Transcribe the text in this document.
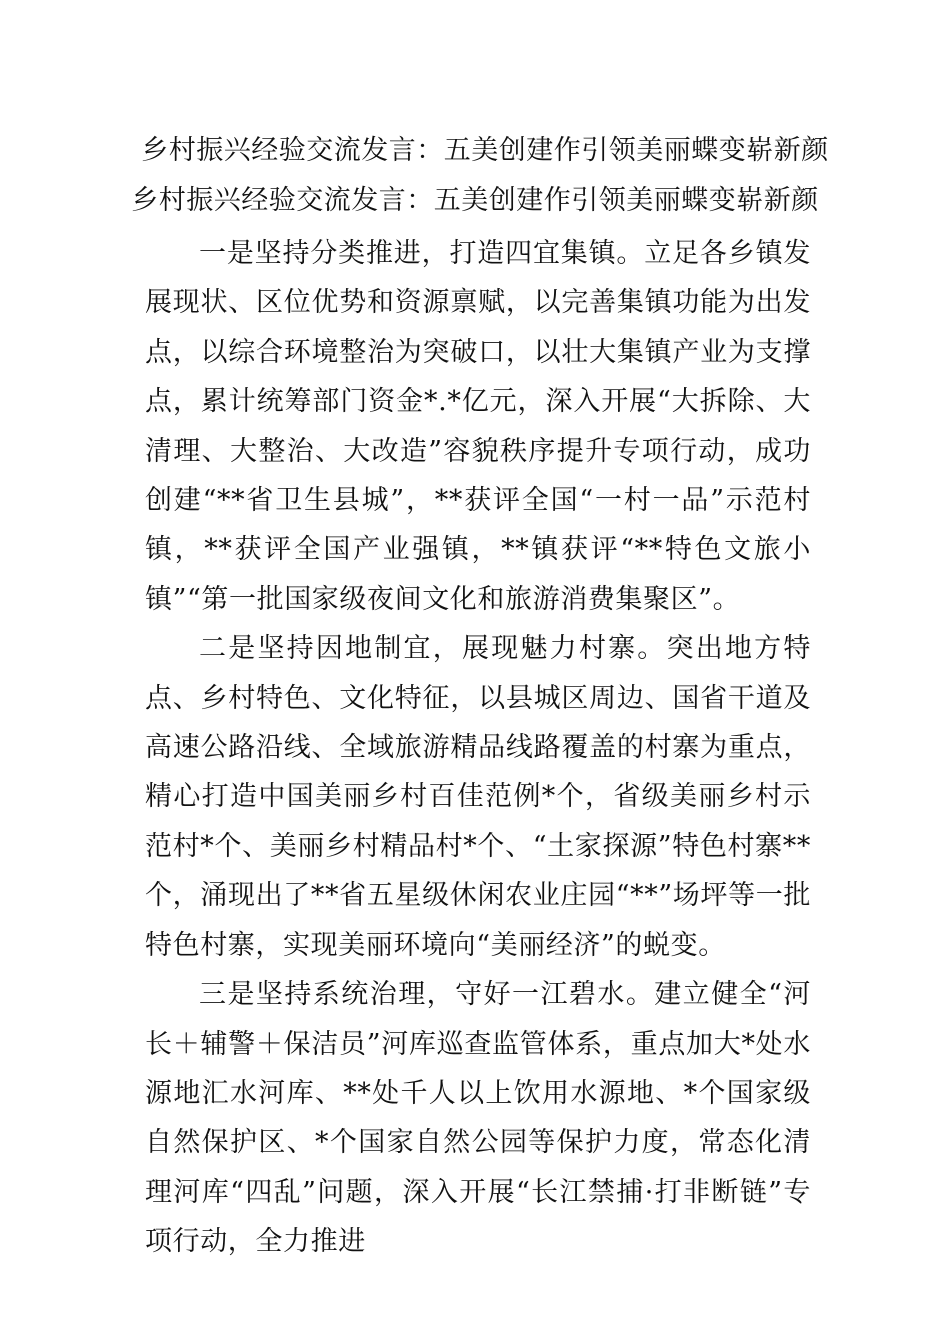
乡村振兴经验交流发言：五美创建作引领美丽蝶变崭新颜
乡村振兴经验交流发言：五美创建作引领美丽蝶变崭新颜

一是坚持分类推进，打造四宜集镇。立足各乡镇发展现状、区位优势和资源禀赋，以完善集镇功能为出发点，以综合环境整治为突破口，以壮大集镇产业为支撑点，累计统筹部门资金*.*亿元，深入开展“大拆除、大清理、大整治、大改造”容貌秩序提升专项行动，成功创建“**省卫生县城”，**获评全国“一村一品”示范村镇，**获评全国产业强镇，**镇获评“**特色文旅小镇”“第一批国家级夜间文化和旅游消费集聚区”。

二是坚持因地制宜，展现魅力村寨。突出地方特点、乡村特色、文化特征，以县城区周边、国省干道及高速公路沿线、全域旅游精品线路覆盖的村寨为重点，精心打造中国美丽乡村百佳范例*个，省级美丽乡村示范村*个、美丽乡村精品村*个、“土家探源”特色村寨**个，涌现出了**省五星级休闲农业庄园“**”场坪等一批特色村寨，实现美丽环境向“美丽经济”的蜕变。

三是坚持系统治理，守好一江碧水。建立健全“河长＋辅警＋保洁员”河库巡查监管体系，重点加大*处水源地汇水河库、**处千人以上饮用水源地、*个国家级自然保护区、*个国家自然公园等保护力度，常态化清理河库“四乱”问题，深入开展“长江禁捕·打非断链”专项行动，全力推进
